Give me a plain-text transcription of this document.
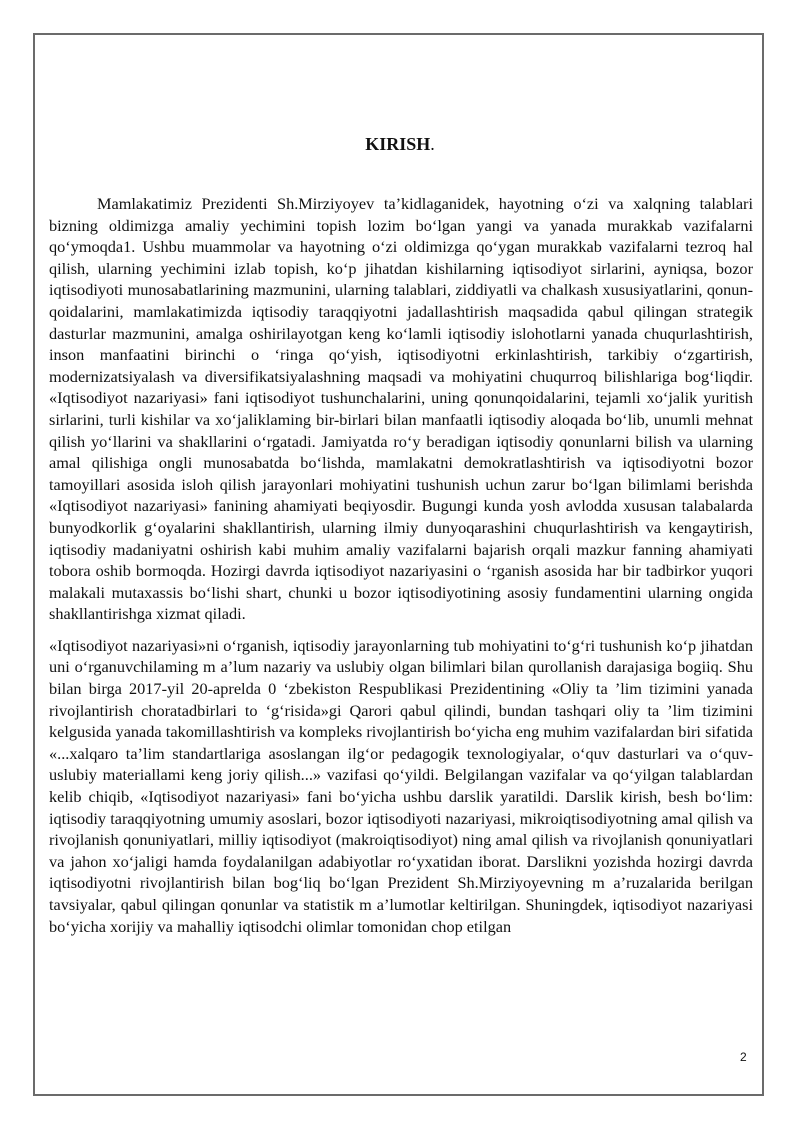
KIRISH.

Mamlakatimiz Prezidenti Sh.Mirziyoyev ta’kidlaganidek, hayotning o‘zi va xalqning talablari bizning oldimizga amaliy yechimini topish lozim bo‘lgan yangi va yanada murakkab vazifalarni qo‘ymoqda1. Ushbu muammolar va hayotning o‘zi oldimizga qo‘ygan murakkab vazifalarni tezroq hal qilish, ularning yechimini izlab topish, ko‘p jihatdan kishilarning iqtisodiyot sirlarini, ayniqsa, bozor iqtisodiyoti munosabatlarining mazmunini, ularning talablari, ziddiyatli va chalkash xususiyatlarini, qonun-qoidalarini, mamlakatimizda iqtisodiy taraqqiyotni jadallashtirish maqsadida qabul qilingan strategik dasturlar mazmunini, amalga oshirilayotgan keng ko‘lamli iqtisodiy islohotlarni yanada chuqurlashtirish, inson manfaatini birinchi o ‘ringa qo‘yish, iqtisodiyotni erkinlashtirish, tarkibiy o‘zgartirish, modernizatsiyalash va diversifikatsiyalashning maqsadi va mohiyatini chuqurroq bilishlariga bog‘liqdir. «Iqtisodiyot nazariyasi» fani iqtisodiyot tushunchalarini, uning qonunqoidalarini, tejamli xo‘jalik yuritish sirlarini, turli kishilar va xo‘jaliklaming bir-birlari bilan manfaatli iqtisodiy aloqada bo‘lib, unumli mehnat qilish yo‘llarini va shakllarini o‘rgatadi. Jamiyatda ro‘y beradigan iqtisodiy qonunlarni bilish va ularning amal qilishiga ongli munosabatda bo‘lishda, mamlakatni demokratlashtirish va iqtisodiyotni bozor tamoyillari asosida isloh qilish jarayonlari mohiyatini tushunish uchun zarur bo‘lgan bilimlami berishda «Iqtisodiyot nazariyasi» fanining ahamiyati beqiyosdir. Bugungi kunda yosh avlodda xususan talabalarda bunyodkorlik g‘oyalarini shakllantirish, ularning ilmiy dunyoqarashini chuqurlashtirish va kengaytirish, iqtisodiy madaniyatni oshirish kabi muhim amaliy vazifalarni bajarish orqali mazkur fanning ahamiyati tobora oshib bormoqda. Hozirgi davrda iqtisodiyot nazariyasini o ‘rganish asosida har bir tadbirkor yuqori malakali mutaxassis bo‘lishi shart, chunki u bozor iqtisodiyotining asosiy fundamentini ularning ongida shakllantirishga xizmat qiladi.

«Iqtisodiyot nazariyasi»ni o‘rganish, iqtisodiy jarayonlarning tub mohiyatini to‘g‘ri tushunish ko‘p jihatdan uni o‘rganuvchilaming m a’lum nazariy va uslubiy olgan bilimlari bilan qurollanish darajasiga bogiiq. Shu bilan birga 2017-yil 20-aprelda 0 ‘zbekiston Respublikasi Prezidentining «Oliy ta ’lim tizimini yanada rivojlantirish choratadbirlari to ‘g‘risida»gi Qarori qabul qilindi, bundan tashqari oliy ta ’lim tizimini kelgusida yanada takomillashtirish va kompleks rivojlantirish bo‘yicha eng muhim vazifalardan biri sifatida «...xalqaro ta’lim standartlariga asoslangan ilg‘or pedagogik texnologiyalar, o‘quv dasturlari va o‘quv-uslubiy materiallami keng joriy qilish...» vazifasi qo‘yildi. Belgilangan vazifalar va qo‘yilgan talablardan kelib chiqib, «Iqtisodiyot nazariyasi» fani bo‘yicha ushbu darslik yaratildi. Darslik kirish, besh bo‘lim: iqtisodiy taraqqiyotning umumiy asoslari, bozor iqtisodiyoti nazariyasi, mikroiqtisodiyotning amal qilish va rivojlanish qonuniyatlari, milliy iqtisodiyot (makroiqtisodiyot) ning amal qilish va rivojlanish qonuniyatlari va jahon xo‘jaligi hamda foydalanilgan adabiyotlar ro‘yxatidan iborat. Darslikni yozishda hozirgi davrda iqtisodiyotni rivojlantirish bilan bog‘liq bo‘lgan Prezident Sh.Mirziyoyevning m a’ruzalarida berilgan tavsiyalar, qabul qilingan qonunlar va statistik m a’lumotlar keltirilgan. Shuningdek, iqtisodiyot nazariyasi bo‘yicha xorijiy va mahalliy iqtisodchi olimlar tomonidan chop etilgan

2
